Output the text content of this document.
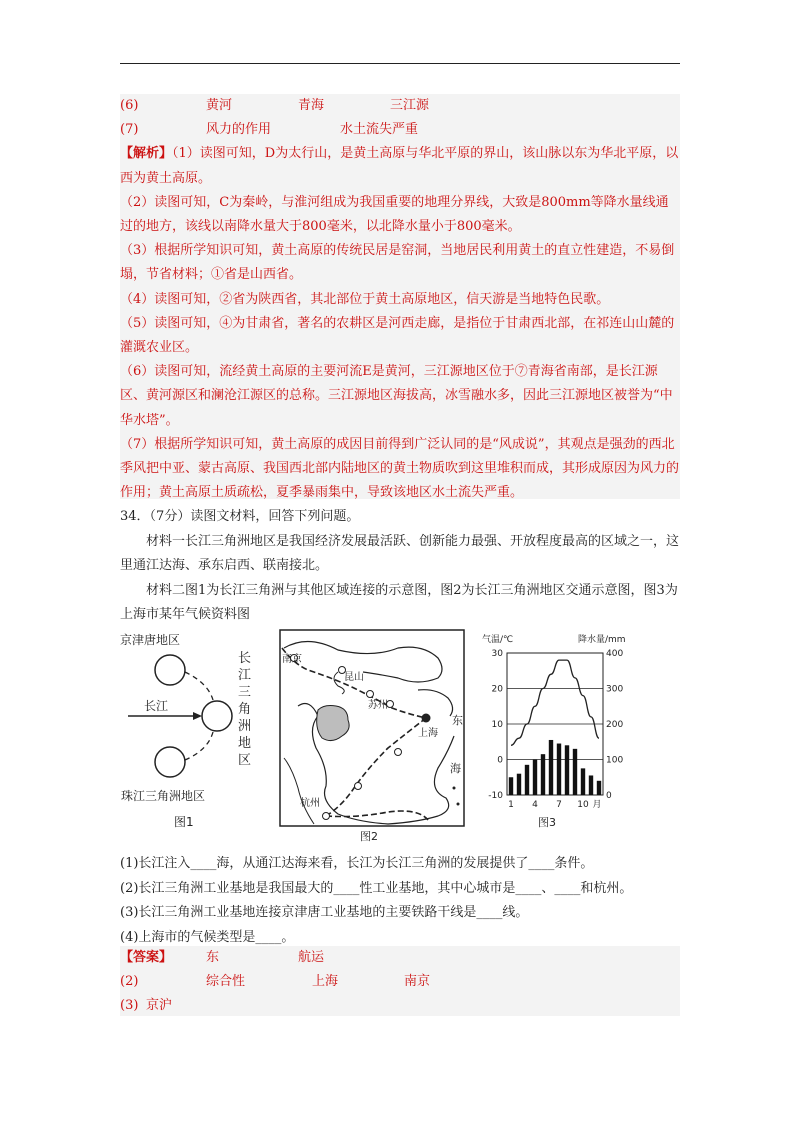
(6)	黄河	青海	三江源

(7)	风力的作用	水土流失严重

【解析】（1）读图可知，D为太行山，是黄土高原与华北平原的界山，该山脉以东为华北平原，以西为黄土高原。

（2）读图可知，C为秦岭，与淮河组成为我国重要的地理分界线，大致是800mm等降水量线通过的地方，该线以南降水量大于800毫米，以北降水量小于800毫米。

（3）根据所学知识可知，黄土高原的传统民居是窑洞，当地居民利用黄土的直立性建造，不易倒塌，节省材料；①省是山西省。

（4）读图可知，②省为陕西省，其北部位于黄土高原地区，信天游是当地特色民歌。

（5）读图可知，④为甘肃省，著名的农耕区是河西走廊，是指位于甘肃西北部，在祁连山山麓的灌溉农业区。

（6）读图可知，流经黄土高原的主要河流E是黄河，三江源地区位于⑦青海省南部，是长江源区、黄河源区和澜沧江源区的总称。三江源地区海拔高，冰雪融水多，因此三江源地区被誉为“中华水塔”。

（7）根据所学知识可知，黄土高原的成因目前得到广泛认同的是“风成说”，其观点是强劲的西北季风把中亚、蒙古高原、我国西北部内陆地区的黄土物质吹到这里堆积而成，其形成原因为风力的作用；黄土高原土质疏松，夏季暴雨集中，导致该地区水土流失严重。

34．（7分）读图文材料，回答下列问题。

材料一长江三角洲地区是我国经济发展最活跃、创新能力最强、开放程度最高的区域之一，这里通江达海、承东启西、联南接北。

材料二图1为长江三角洲与其他区域连接的示意图，图2为长江三角洲地区交通示意图，图3为上海市某年气候资料图

京津唐地区
长江
珠江三角洲地区
图1
长江三角洲地区
南京
昆山
苏州
上海
东
海
杭州
图2
气温/℃	降水量/mm
30
20
10
0
-10
400
300
200
100
0
1 4 7 10 月
图3

(1)长江注入____海，从通江达海来看，长江为长江三角洲的发展提供了____条件。

(2)长江三角洲工业基地是我国最大的____性工业基地，其中心城市是____、____和杭州。

(3)长江三角洲工业基地连接京津唐工业基地的主要铁路干线是____线。

(4)上海市的气候类型是____。

【答案】	东	航运

(2)	综合性	上海	南京

(3) 京沪
